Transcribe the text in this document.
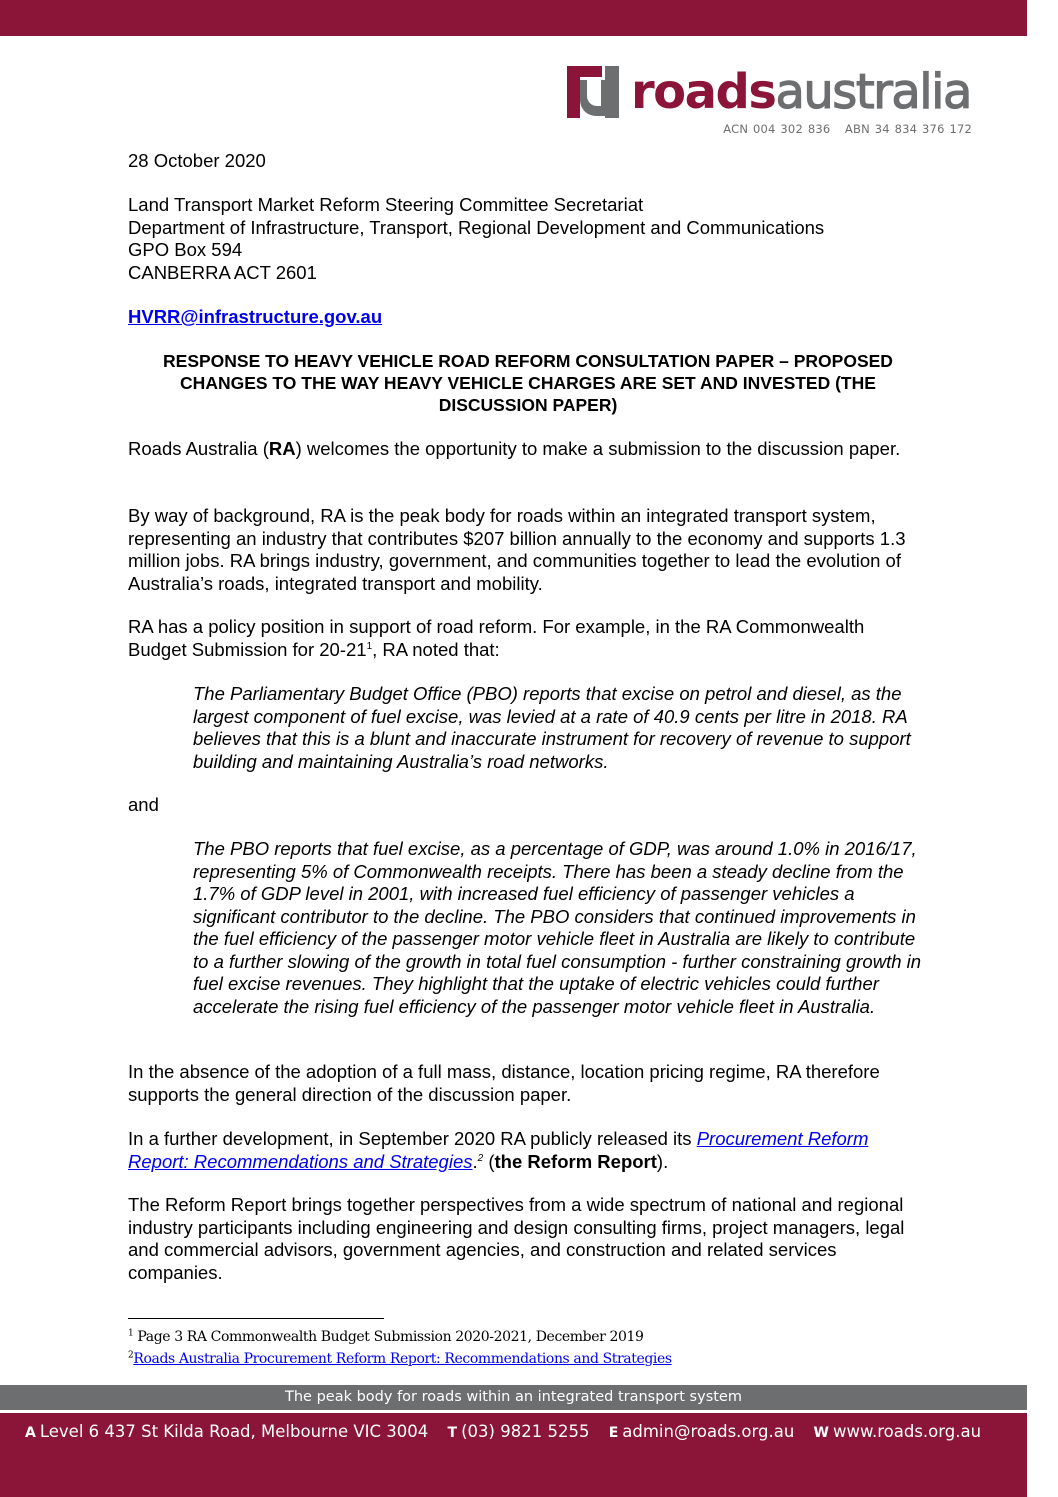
roadsaustralia
ACN 004 302 836   ABN 34 834 376 172

28 October 2020

Land Transport Market Reform Steering Committee Secretariat
Department of Infrastructure, Transport, Regional Development and Communications
GPO Box 594
CANBERRA ACT 2601

HVRR@infrastructure.gov.au

RESPONSE TO HEAVY VEHICLE ROAD REFORM CONSULTATION PAPER – PROPOSED CHANGES TO THE WAY HEAVY VEHICLE CHARGES ARE SET AND INVESTED (THE DISCUSSION PAPER)

Roads Australia (RA) welcomes the opportunity to make a submission to the discussion paper.

By way of background, RA is the peak body for roads within an integrated transport system, representing an industry that contributes $207 billion annually to the economy and supports 1.3 million jobs. RA brings industry, government, and communities together to lead the evolution of Australia’s roads, integrated transport and mobility.

RA has a policy position in support of road reform. For example, in the RA Commonwealth Budget Submission for $20-21^1$, RA noted that:

The Parliamentary Budget Office (PBO) reports that excise on petrol and diesel, as the largest component of fuel excise, was levied at a rate of 40.9 cents per litre in 2018. RA believes that this is a blunt and inaccurate instrument for recovery of revenue to support building and maintaining Australia’s road networks.

and

The PBO reports that fuel excise, as a percentage of GDP, was around 1.0% in 2016/17, representing 5% of Commonwealth receipts. There has been a steady decline from the 1.7% of GDP level in 2001, with increased fuel efficiency of passenger vehicles a significant contributor to the decline. The PBO considers that continued improvements in the fuel efficiency of the passenger motor vehicle fleet in Australia are likely to contribute to a further slowing of the growth in total fuel consumption - further constraining growth in fuel excise revenues. They highlight that the uptake of electric vehicles could further accelerate the rising fuel efficiency of the passenger motor vehicle fleet in Australia.

In the absence of the adoption of a full mass, distance, location pricing regime, RA therefore supports the general direction of the discussion paper.

In a further development, in September 2020 RA publicly released its Procurement Reform Report: Recommendations and Strategies.$^2$ (the Reform Report).

The Reform Report brings together perspectives from a wide spectrum of national and regional industry participants including engineering and design consulting firms, project managers, legal and commercial advisors, government agencies, and construction and related services companies.

$^1$ Page 3 RA Commonwealth Budget Submission 2020-2021, December 2019
$^2$Roads Australia Procurement Reform Report: Recommendations and Strategies
The peak body for roads within an integrated transport system
A Level 6 437 St Kilda Road, Melbourne VIC 3004 T (03) 9821 5255 E admin@roads.org.au W www.roads.org.au
